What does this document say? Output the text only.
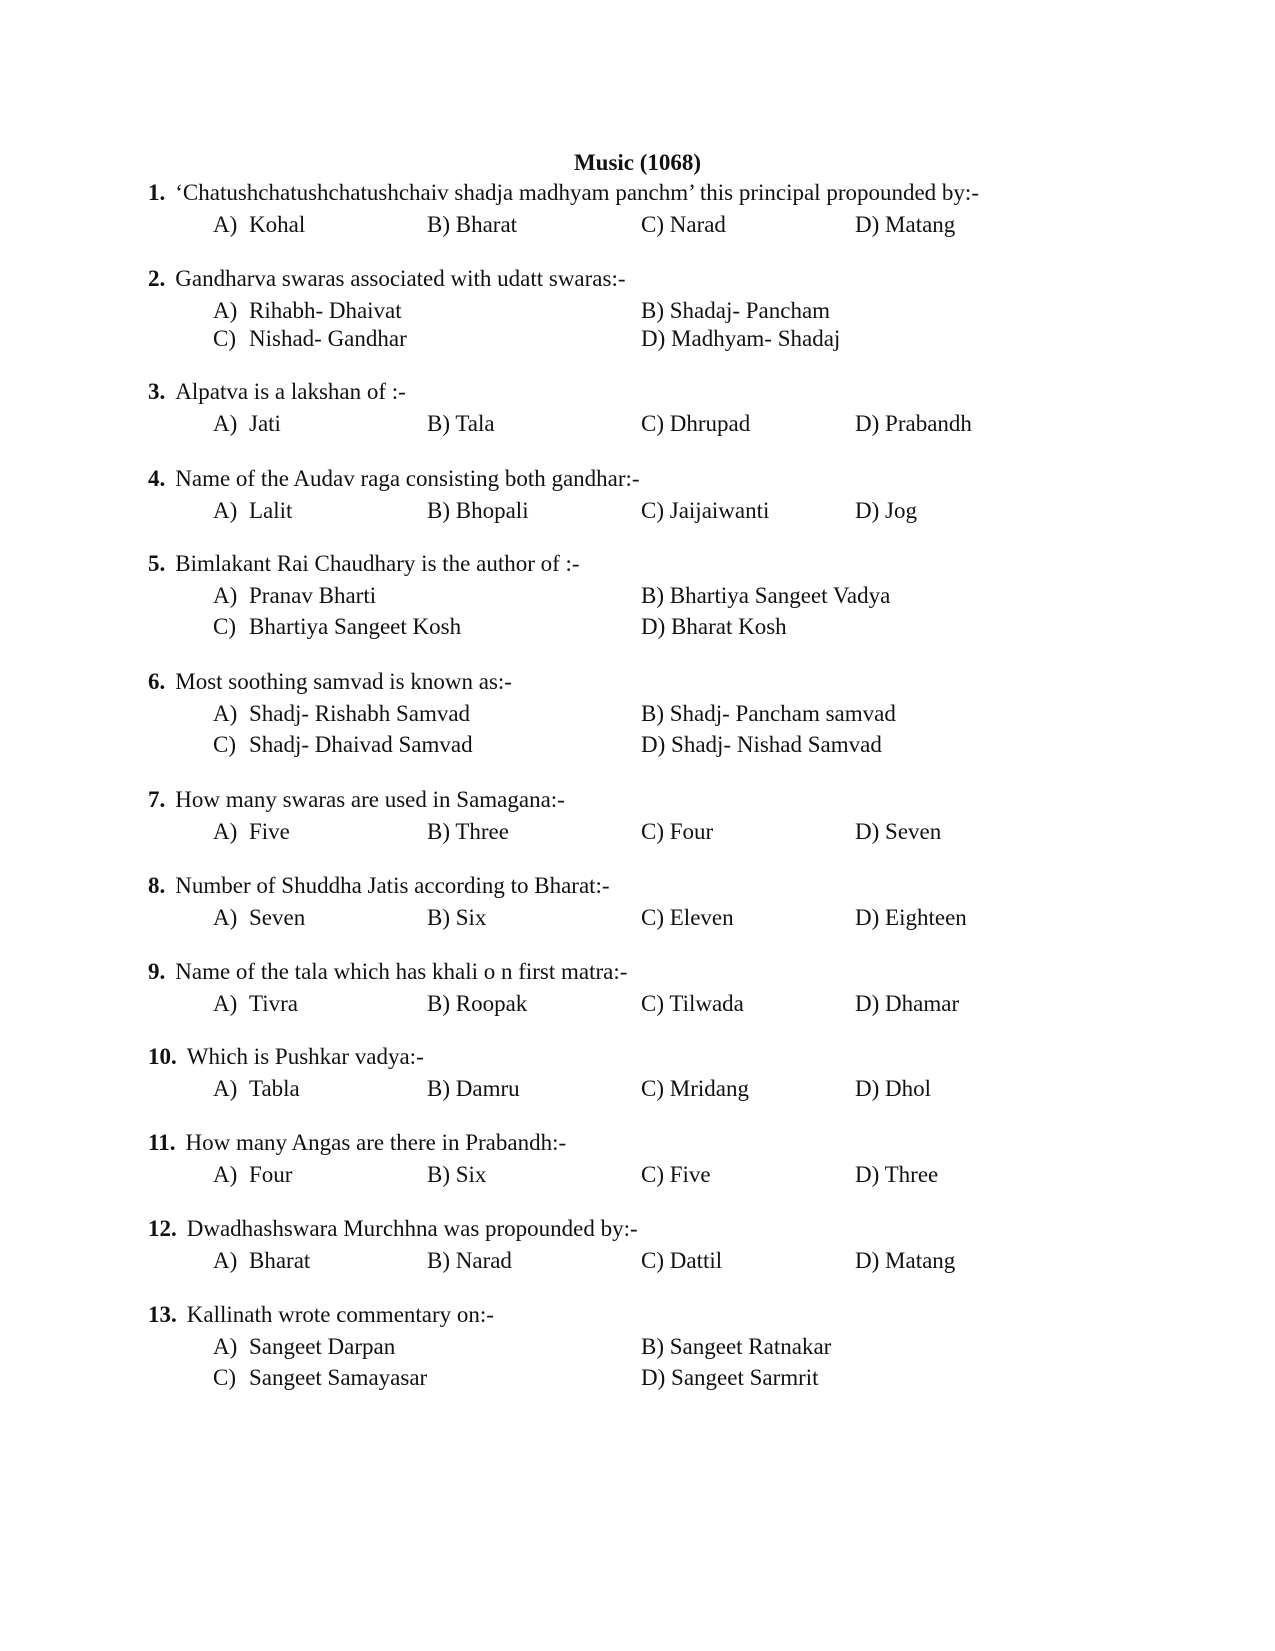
Music (1068)
1. ‘Chatushchatushchatushchaiv shadja madhyam panchm’ this principal propounded by:-
A) Kohal	B) Bharat	C) Narad	D) Matang
2. Gandharva swaras associated with udatt swaras:-
A) Rihabh- Dhaivat	B) Shadaj- Pancham
C) Nishad- Gandhar	D) Madhyam- Shadaj
3. Alpatva is a lakshan of :-
A) Jati	B) Tala	C) Dhrupad	D) Prabandh
4. Name of the Audav raga consisting both gandhar:-
A) Lalit	B) Bhopali	C) Jaijaiwanti	D) Jog
5. Bimlakant Rai Chaudhary is the author of :-
A) Pranav Bharti	B) Bhartiya Sangeet Vadya
C) Bhartiya Sangeet Kosh	D) Bharat Kosh
6. Most soothing samvad is known as:-
A) Shadj- Rishabh Samvad	B) Shadj- Pancham samvad
C) Shadj- Dhaivad Samvad	D) Shadj- Nishad Samvad
7. How many swaras are used in Samagana:-
A) Five	B) Three	C) Four	D) Seven
8. Number of Shuddha Jatis according to Bharat:-
A) Seven	B) Six	C) Eleven	D) Eighteen
9. Name of the tala which has khali o n first matra:-
A) Tivra	B) Roopak	C) Tilwada	D) Dhamar
10. Which is Pushkar vadya:-
A) Tabla	B) Damru	C) Mridang	D) Dhol
11. How many Angas are there in Prabandh:-
A) Four	B) Six	C) Five	D) Three
12. Dwadhashswara Murchhna was propounded by:-
A) Bharat	B) Narad	C) Dattil	D) Matang
13. Kallinath wrote commentary on:-
A) Sangeet Darpan	B) Sangeet Ratnakar
C) Sangeet Samayasar	D) Sangeet Sarmrit
